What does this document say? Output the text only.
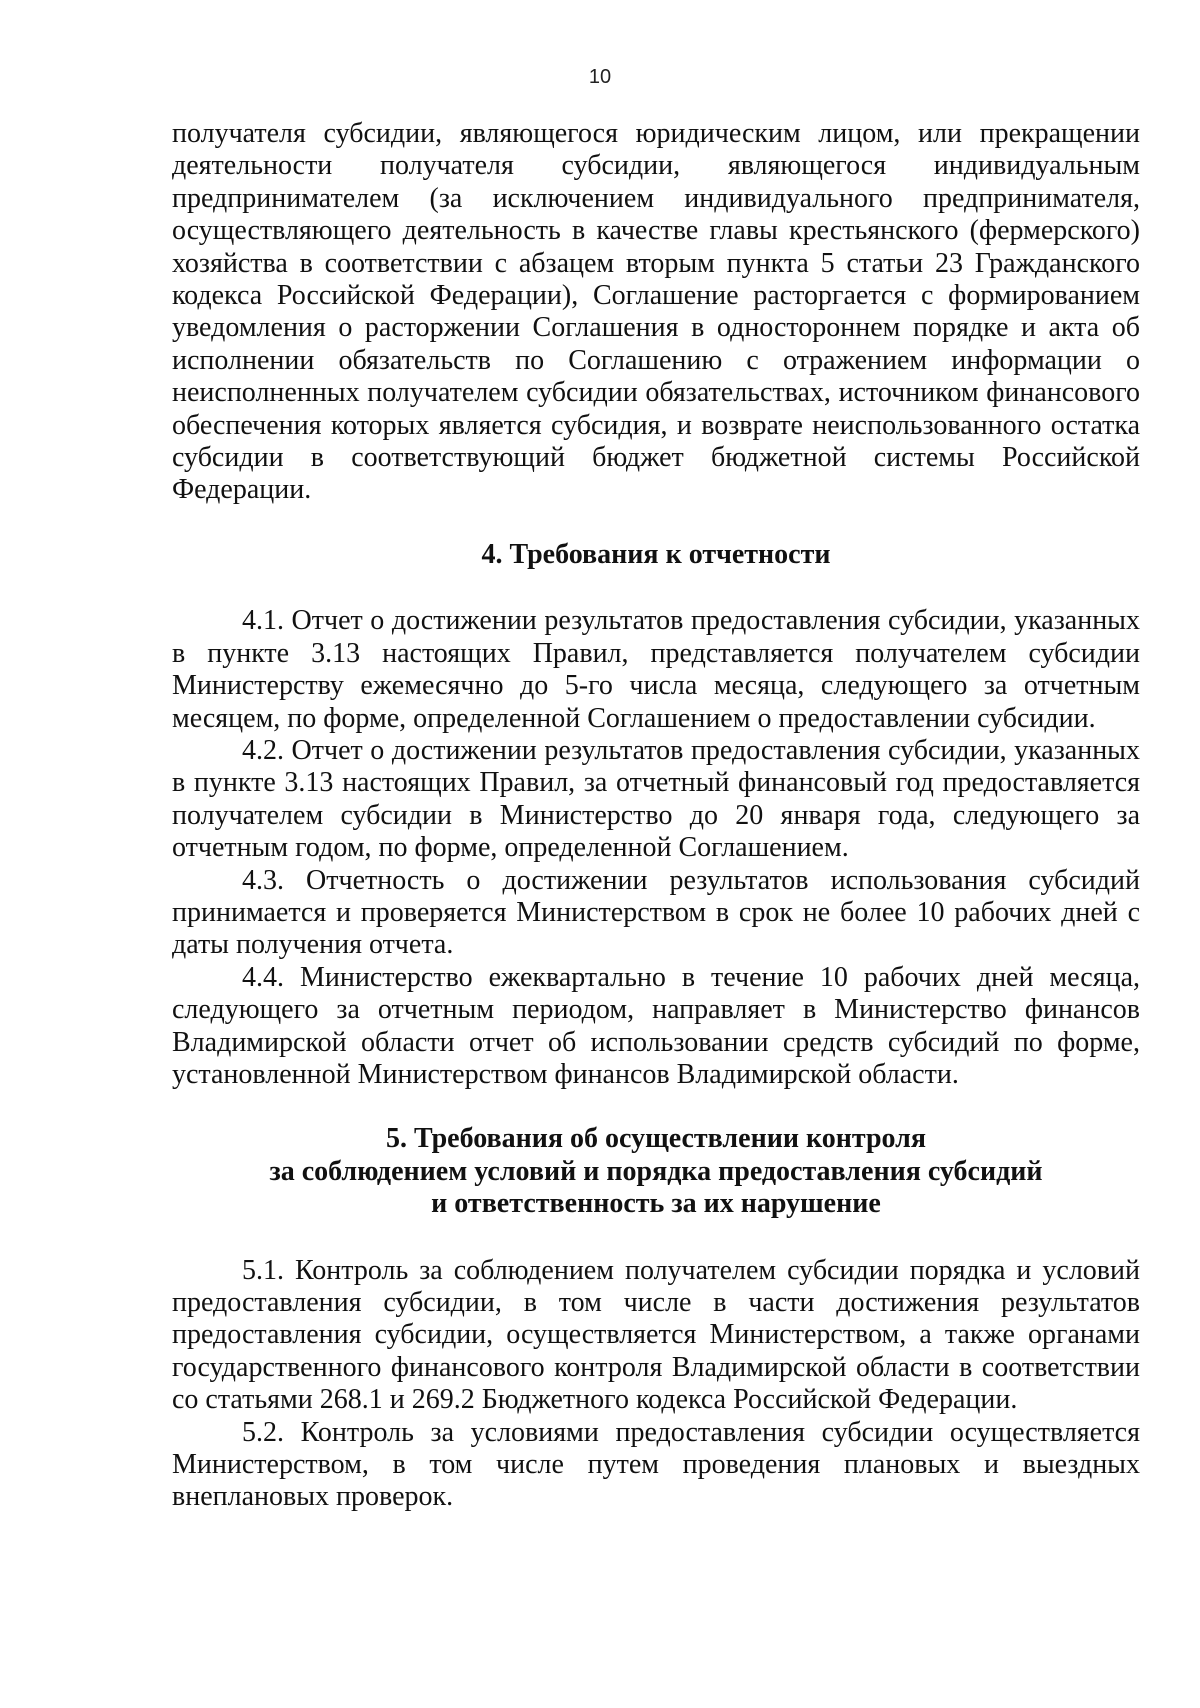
10

получателя субсидии, являющегося юридическим лицом, или прекращении деятельности получателя субсидии, являющегося индивидуальным предпринимателем (за исключением индивидуального предпринимателя, осуществляющего деятельность в качестве главы крестьянского (фермерского) хозяйства в соответствии с абзацем вторым пункта 5 статьи 23 Гражданского кодекса Российской Федерации), Соглашение расторгается с формированием уведомления о расторжении Соглашения в одностороннем порядке и акта об исполнении обязательств по Соглашению с отражением информации о неисполненных получателем субсидии обязательствах, источником финансового обеспечения которых является субсидия, и возврате неиспользованного остатка субсидии в соответствующий бюджет бюджетной системы Российской Федерации.

4. Требования к отчетности

4.1. Отчет о достижении результатов предоставления субсидии, указанных в пункте 3.13 настоящих Правил, представляется получателем субсидии Министерству ежемесячно до 5-го числа месяца, следующего за отчетным месяцем, по форме, определенной Соглашением о предоставлении субсидии.

4.2. Отчет о достижении результатов предоставления субсидии, указанных в пункте 3.13 настоящих Правил, за отчетный финансовый год предоставляется получателем субсидии в Министерство до 20 января года, следующего за отчетным годом, по форме, определенной Соглашением.

4.3. Отчетность о достижении результатов использования субсидий принимается и проверяется Министерством в срок не более 10 рабочих дней с даты получения отчета.

4.4. Министерство ежеквартально в течение 10 рабочих дней месяца, следующего за отчетным периодом, направляет в Министерство финансов Владимирской области отчет об использовании средств субсидий по форме, установленной Министерством финансов Владимирской области.

5. Требования об осуществлении контроля
за соблюдением условий и порядка предоставления субсидий
и ответственность за их нарушение

5.1. Контроль за соблюдением получателем субсидии порядка и условий предоставления субсидии, в том числе в части достижения результатов предоставления субсидии, осуществляется Министерством, а также органами государственного финансового контроля Владимирской области в соответствии со статьями 268.1 и 269.2 Бюджетного кодекса Российской Федерации.

5.2. Контроль за условиями предоставления субсидии осуществляется Министерством, в том числе путем проведения плановых и выездных внеплановых проверок.
